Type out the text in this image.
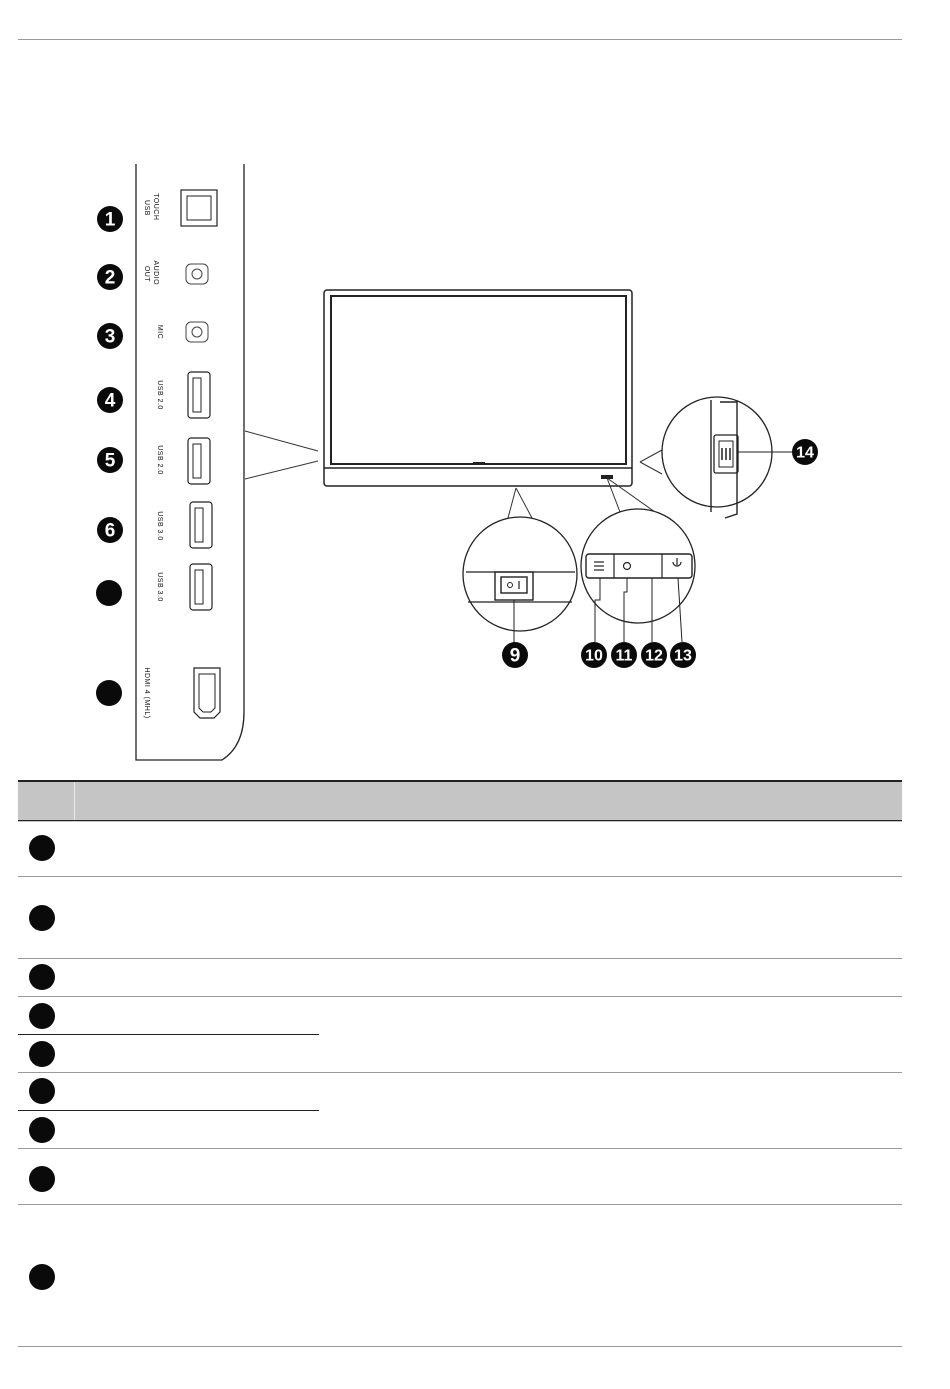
TOUCH USB
AUDIO OUT
MIC
USB 2.0
USB 2.0
USB 3.0
USB 3.0
HDMI 4 (MHL)
1
2
3
4
5
6
14
9	10 11 12 13
